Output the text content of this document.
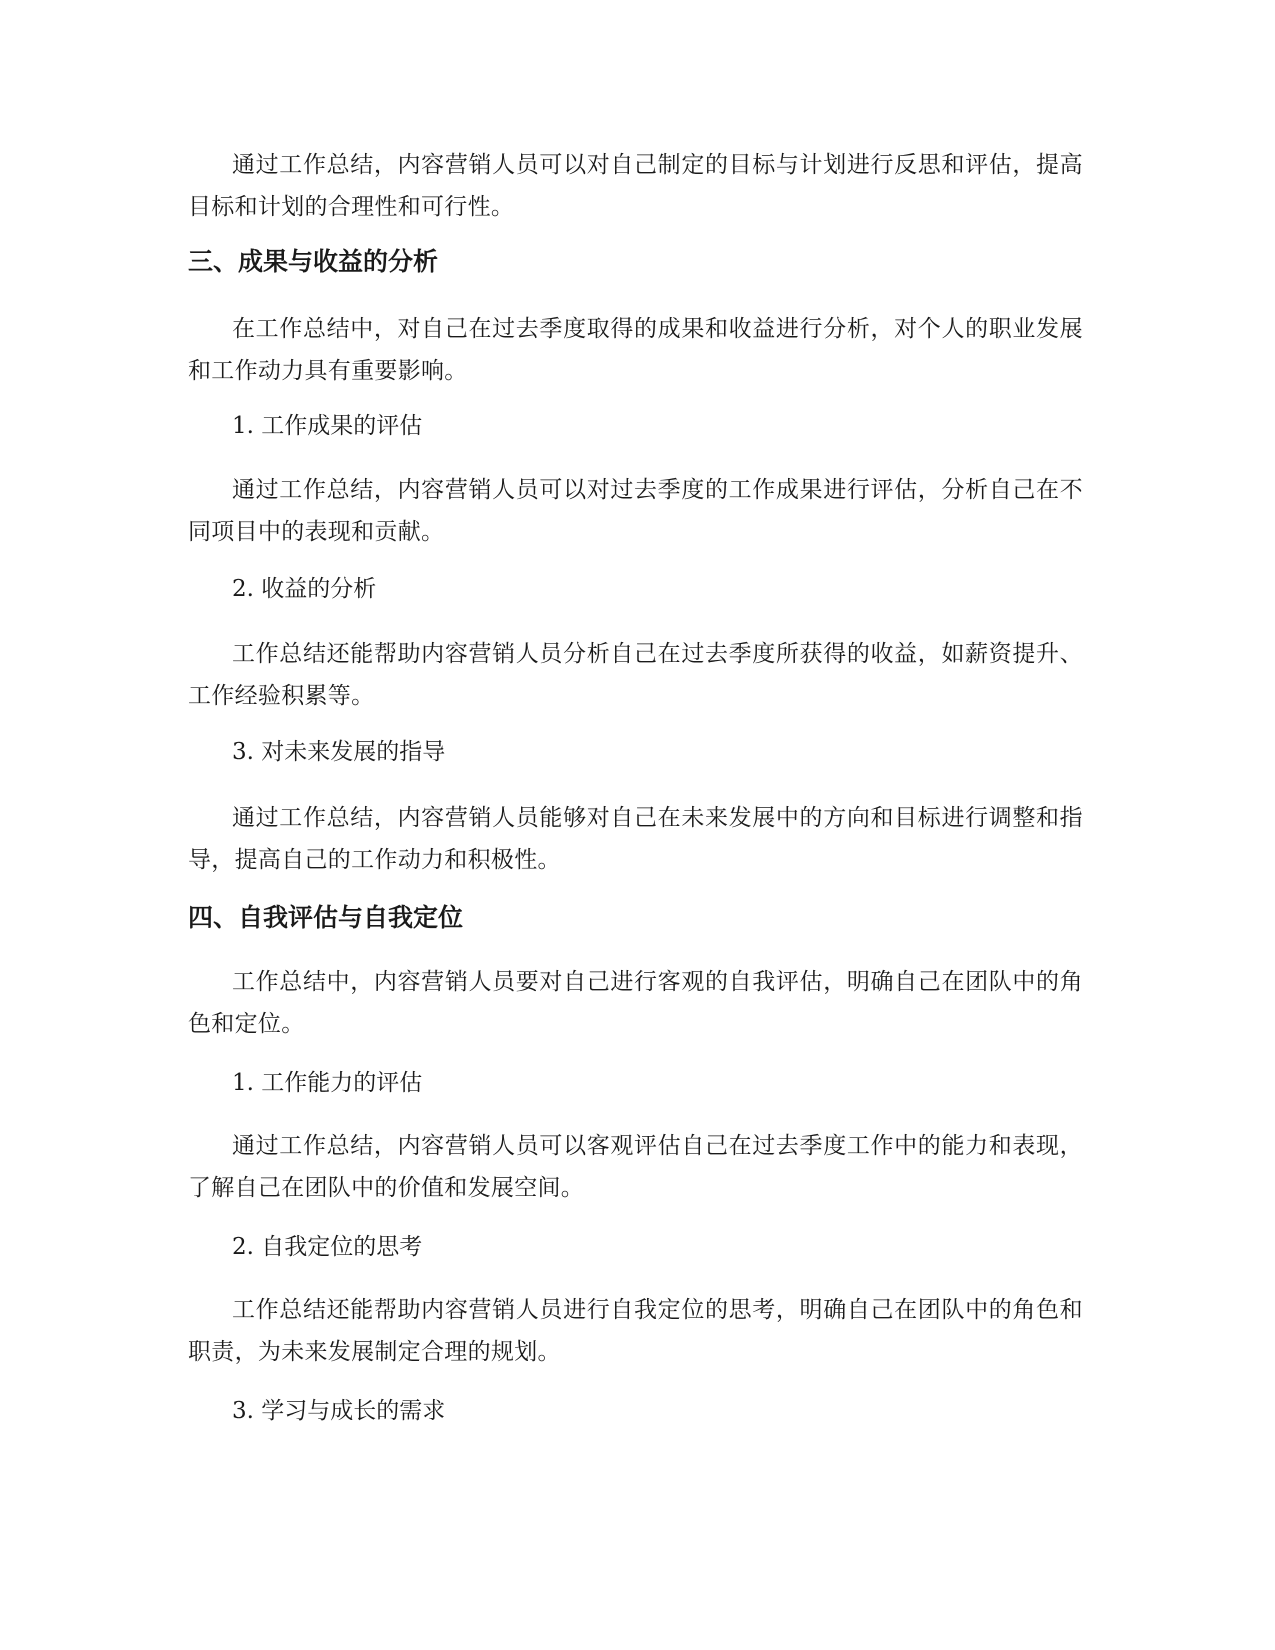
通过工作总结，内容营销人员可以对自己制定的目标与计划进行反思和评估，提高目标和计划的合理性和可行性。

三、成果与收益的分析

在工作总结中，对自己在过去季度取得的成果和收益进行分析，对个人的职业发展和工作动力具有重要影响。

1. 工作成果的评估

通过工作总结，内容营销人员可以对过去季度的工作成果进行评估，分析自己在不同项目中的表现和贡献。

2. 收益的分析

工作总结还能帮助内容营销人员分析自己在过去季度所获得的收益，如薪资提升、工作经验积累等。

3. 对未来发展的指导

通过工作总结，内容营销人员能够对自己在未来发展中的方向和目标进行调整和指导，提高自己的工作动力和积极性。

四、自我评估与自我定位

工作总结中，内容营销人员要对自己进行客观的自我评估，明确自己在团队中的角色和定位。

1. 工作能力的评估

通过工作总结，内容营销人员可以客观评估自己在过去季度工作中的能力和表现，了解自己在团队中的价值和发展空间。

2. 自我定位的思考

工作总结还能帮助内容营销人员进行自我定位的思考，明确自己在团队中的角色和职责，为未来发展制定合理的规划。

3. 学习与成长的需求
